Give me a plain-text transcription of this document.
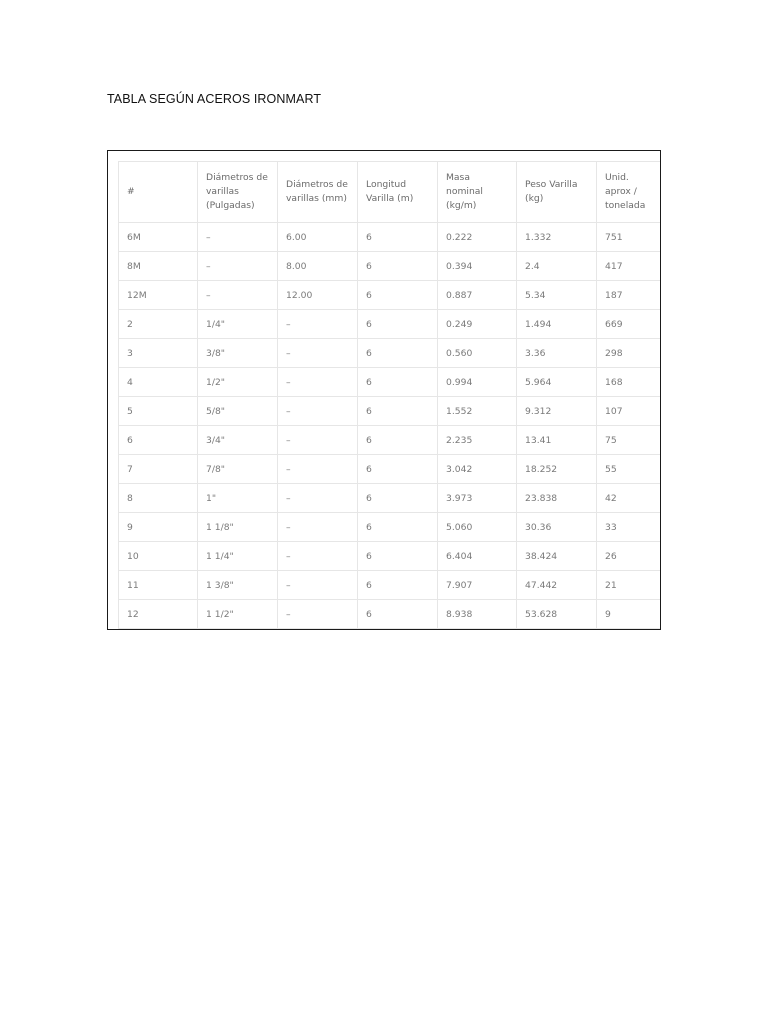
TABLA SEGÚN ACEROS IRONMART
#	Diámetros de varillas (Pulgadas)	Diámetros de varillas (mm)	Longitud Varilla (m)	Masa nominal (kg/m)	Peso Varilla (kg)	Unid. aprox / tonelada
6M	–	6.00	6	0.222	1.332	751
8M	–	8.00	6	0.394	2.4	417
12M	–	12.00	6	0.887	5.34	187
2	1/4"	–	6	0.249	1.494	669
3	3/8"	–	6	0.560	3.36	298
4	1/2"	–	6	0.994	5.964	168
5	5/8"	–	6	1.552	9.312	107
6	3/4"	–	6	2.235	13.41	75
7	7/8"	–	6	3.042	18.252	55
8	1"	–	6	3.973	23.838	42
9	1 1/8"	–	6	5.060	30.36	33
10	1 1/4"	–	6	6.404	38.424	26
11	1 3/8"	–	6	7.907	47.442	21
12	1 1/2"	–	6	8.938	53.628	9
